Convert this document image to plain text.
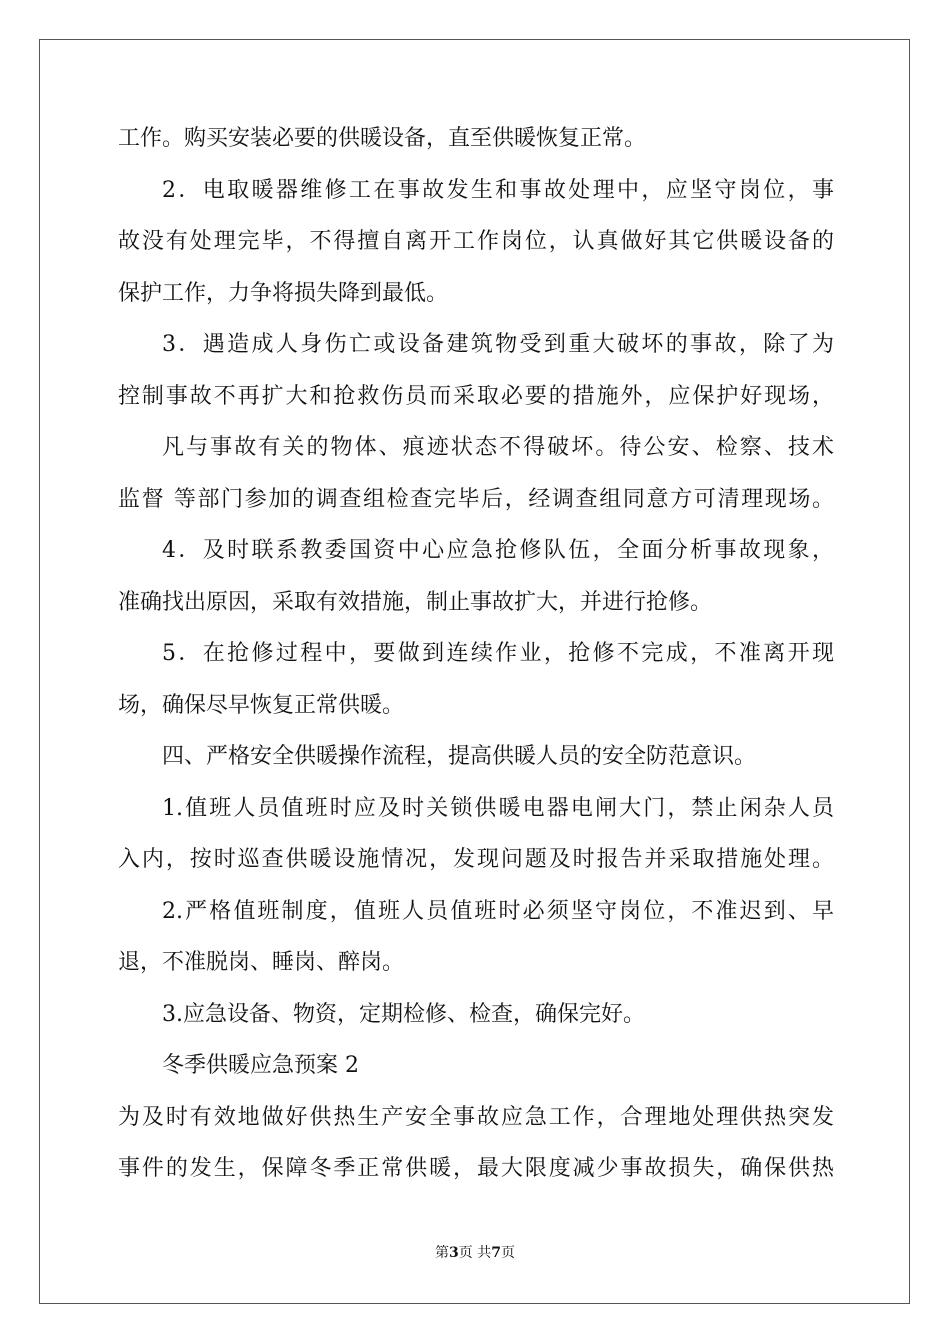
工作。购买安装必要的供暖设备，直至供暖恢复正常。
2．电取暖器维修工在事故发生和事故处理中，应坚守岗位，事
故没有处理完毕，不得擅自离开工作岗位，认真做好其它供暖设备的
保护工作，力争将损失降到最低。
3．遇造成人身伤亡或设备建筑物受到重大破坏的事故，除了为
控制事故不再扩大和抢救伤员而采取必要的措施外，应保护好现场，
凡与事故有关的物体、痕迹状态不得破坏。待公安、检察、技术
监督 等部门参加的调查组检查完毕后，经调查组同意方可清理现场。
4．及时联系教委国资中心应急抢修队伍，全面分析事故现象，
准确找出原因，采取有效措施，制止事故扩大，并进行抢修。
5．在抢修过程中，要做到连续作业，抢修不完成，不准离开现
场，确保尽早恢复正常供暖。
四、严格安全供暖操作流程，提高供暖人员的安全防范意识。
1.值班人员值班时应及时关锁供暖电器电闸大门，禁止闲杂人员
入内，按时巡查供暖设施情况，发现问题及时报告并采取措施处理。
2.严格值班制度，值班人员值班时必须坚守岗位，不准迟到、早
退，不准脱岗、睡岗、醉岗。
3.应急设备、物资，定期检修、检查，确保完好。
冬季供暖应急预案 2
为及时有效地做好供热生产安全事故应急工作，合理地处理供热突发
事件的发生，保障冬季正常供暖，最大限度减少事故损失，确保供热
第3页 共7页
